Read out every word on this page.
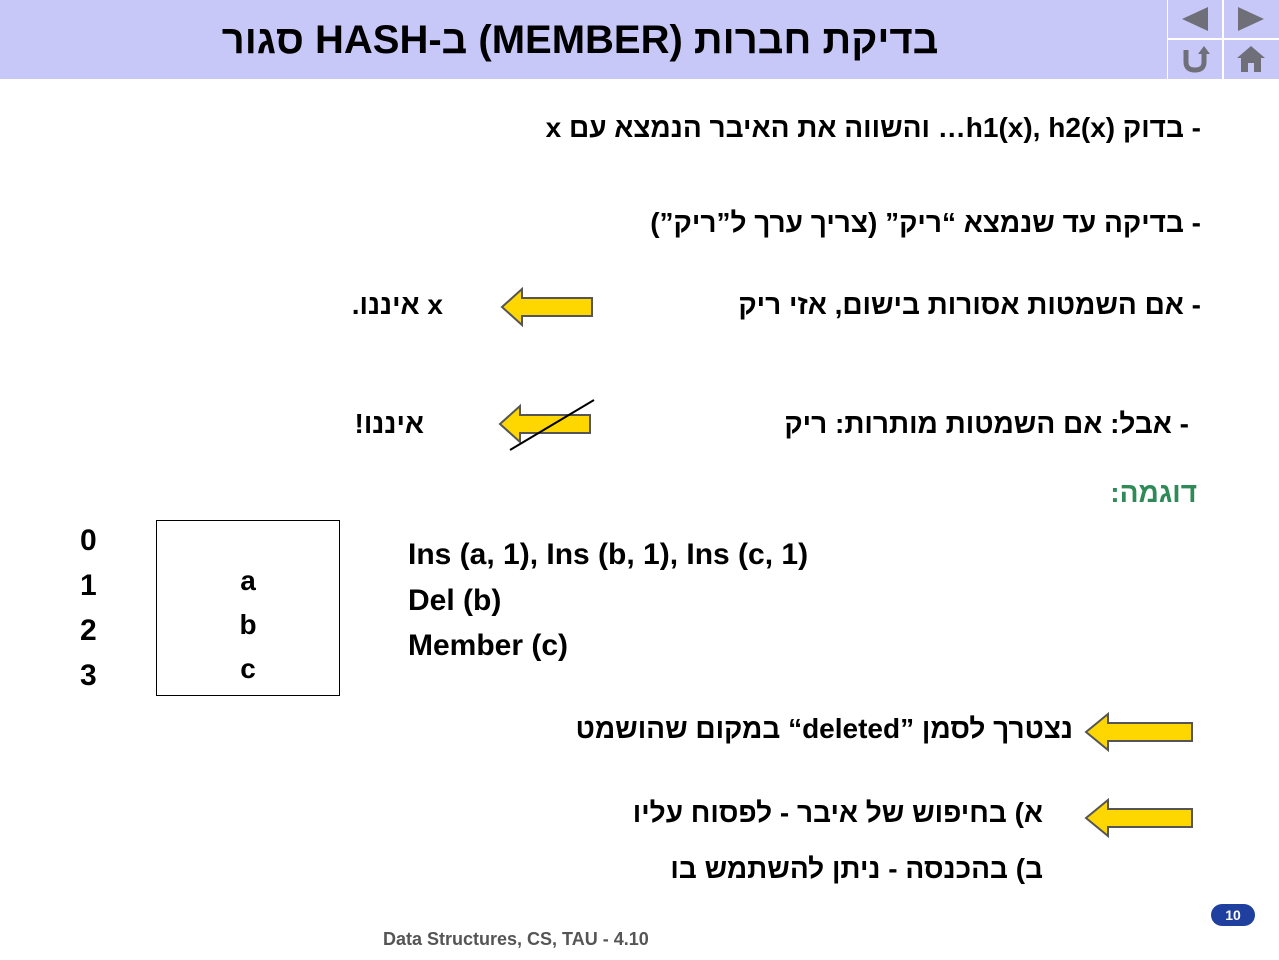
בדיקת חברות (MEMBER) ב-HASH סגור
- בדוק h1(x), h2(x)… והשווה את האיבר הנמצא עם x
- בדיקה עד שנמצא “ריק” (צריך ערך ל”ריק”)
- אם השמטות אסורות בישום, אזי ריק
x איננו.
- אבל: אם השמטות מותרות: ריק
איננו!
דוגמה:
0
1
2
3
a
b
c
Ins (a, 1), Ins (b, 1), Ins (c, 1)
Del (b)
Member (c)
נצטרך לסמן ”deleted“ במקום שהושמט
א) בחיפוש של איבר - לפסוח עליו
ב) בהכנסה - ניתן להשתמש בו
Data Structures, CS, TAU - 4.10
10
